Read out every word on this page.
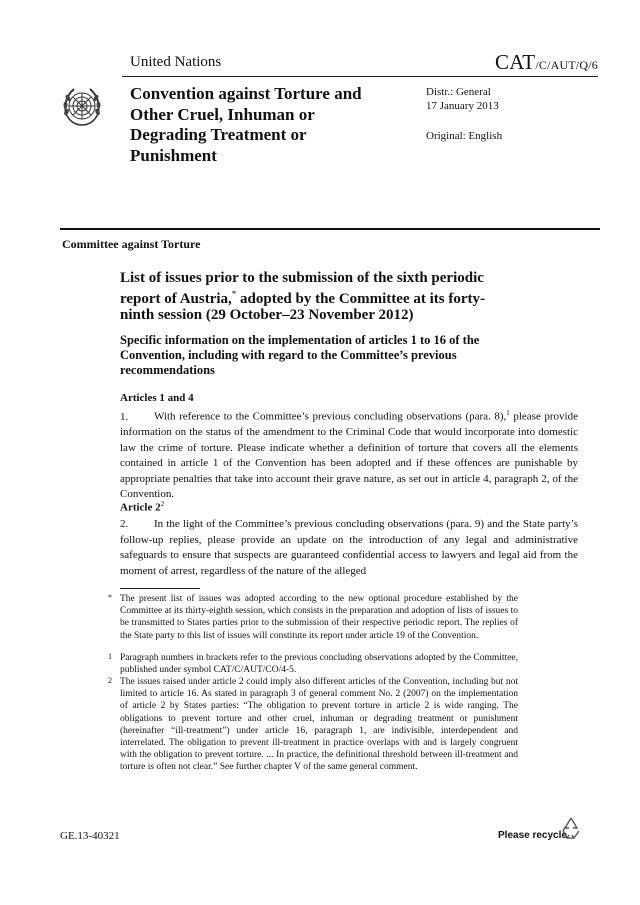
United Nations	CAT/C/AUT/Q/6
Convention against Torture and Other Cruel, Inhuman or Degrading Treatment or Punishment
Distr.: General
17 January 2013
Original: English
Committee against Torture
List of issues prior to the submission of the sixth periodic report of Austria,* adopted by the Committee at its forty-ninth session (29 October–23 November 2012)
Specific information on the implementation of articles 1 to 16 of the Convention, including with regard to the Committee’s previous recommendations
Articles 1 and 4
1. With reference to the Committee’s previous concluding observations (para. 8),$^1$ please provide information on the status of the amendment to the Criminal Code that would incorporate into domestic law the crime of torture. Please indicate whether a definition of torture that covers all the elements contained in article 1 of the Convention has been adopted and if these offences are punishable by appropriate penalties that take into account their grave nature, as set out in article 4, paragraph 2, of the Convention.
Article $2^2$
2. In the light of the Committee’s previous concluding observations (para. 9) and the State party’s follow-up replies, please provide an update on the introduction of any legal and administrative safeguards to ensure that suspects are guaranteed confidential access to lawyers and legal aid from the moment of arrest, regardless of the nature of the alleged
* The present list of issues was adopted according to the new optional procedure established by the Committee at its thirty-eighth session, which consists in the preparation and adoption of lists of issues to be transmitted to States parties prior to the submission of their respective periodic report. The replies of the State party to this list of issues will constitute its report under article 19 of the Convention.
1 Paragraph numbers in brackets refer to the previous concluding observations adopted by the Committee, published under symbol CAT/C/AUT/CO/4-5.
2 The issues raised under article 2 could imply also different articles of the Convention, including but not limited to article 16. As stated in paragraph 3 of general comment No. 2 (2007) on the implementation of article 2 by States parties: “The obligation to prevent torture in article 2 is wide ranging. The obligations to prevent torture and other cruel, inhuman or degrading treatment or punishment (hereinafter “ill-treatment”) under article 16, paragraph 1, are indivisible, interdependent and interrelated. The obligation to prevent ill-treatment in practice overlaps with and is largely congruent with the obligation to prevent torture. ... In practice, the definitional threshold between ill-treatment and torture is often not clear.” See further chapter V of the same general comment.
GE.13-40321	Please recycle
